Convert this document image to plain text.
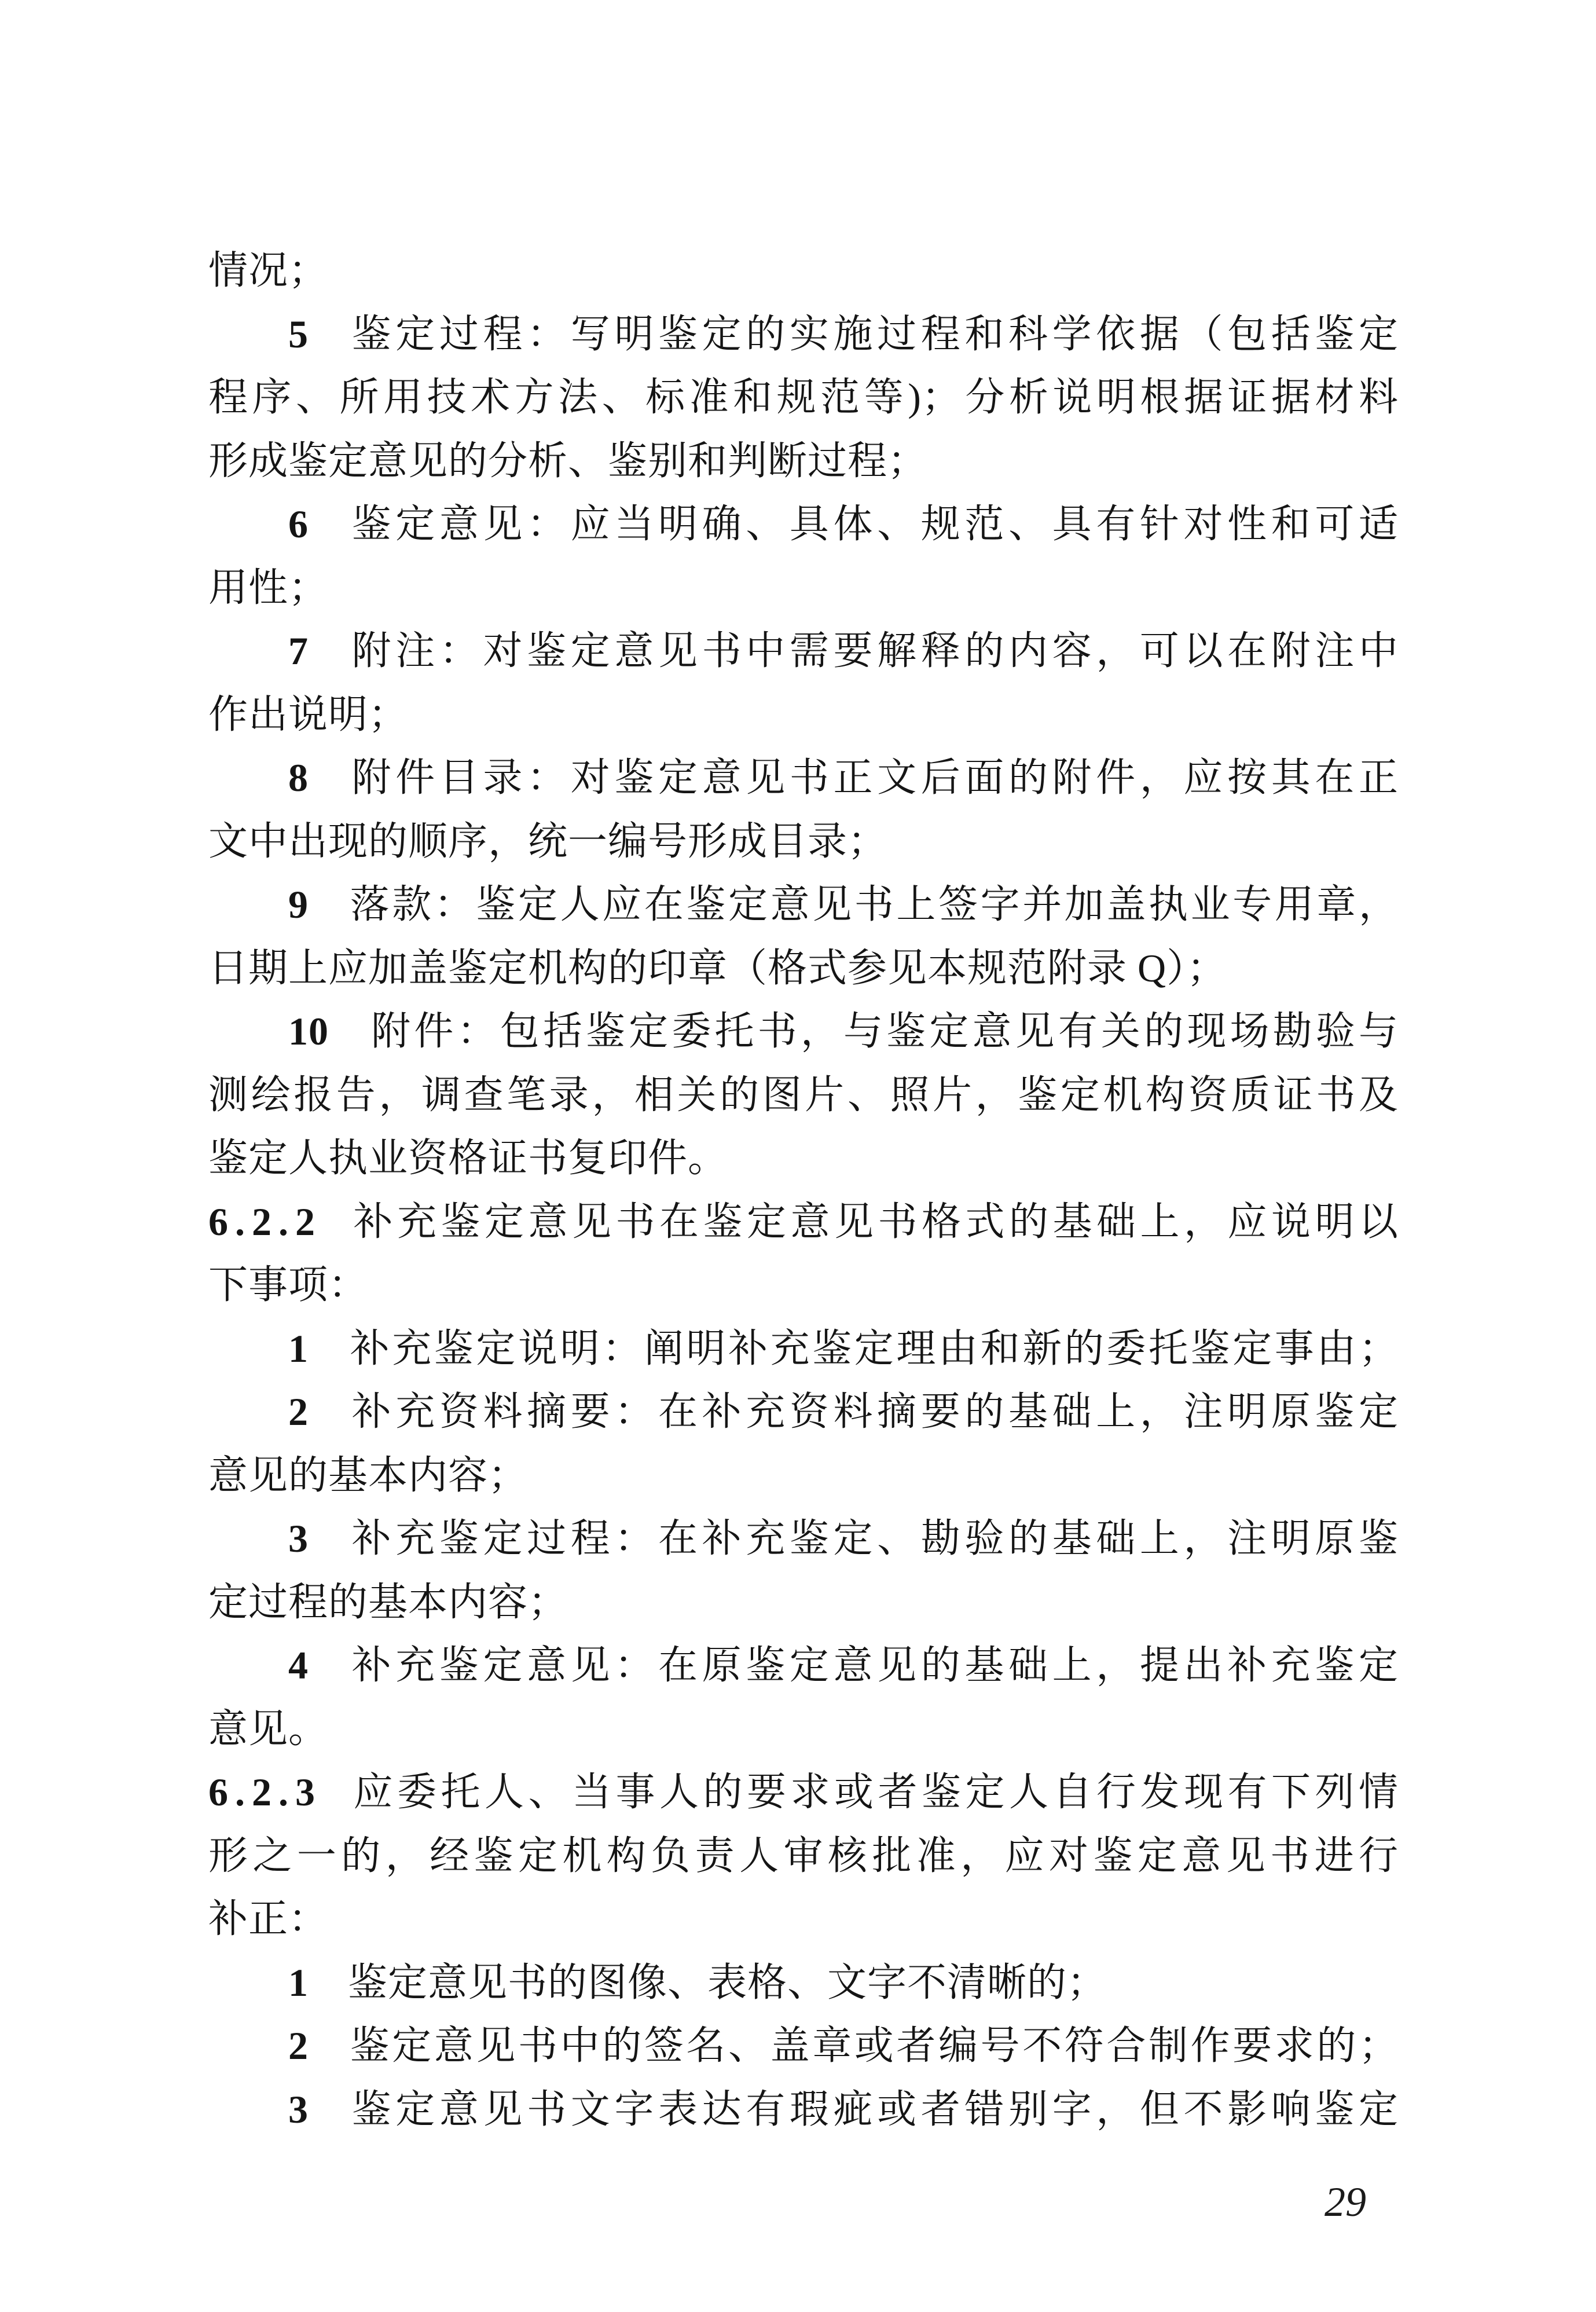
情况；
5 鉴定过程：写明鉴定的实施过程和科学依据（包括鉴定
程序、所用技术方法、标准和规范等)；分析说明根据证据材料
形成鉴定意见的分析、鉴别和判断过程；
6 鉴定意见：应当明确、具体、规范、具有针对性和可适
用性；
7 附注：对鉴定意见书中需要解释的内容，可以在附注中
作出说明；
8 附件目录：对鉴定意见书正文后面的附件，应按其在正
文中出现的顺序，统一编号形成目录；
9 落款：鉴定人应在鉴定意见书上签字并加盖执业专用章，
日期上应加盖鉴定机构的印章（格式参见本规范附录 Q）；
10 附件：包括鉴定委托书，与鉴定意见有关的现场勘验与
测绘报告，调查笔录，相关的图片、照片，鉴定机构资质证书及
鉴定人执业资格证书复印件。
6.2.2 补充鉴定意见书在鉴定意见书格式的基础上，应说明以
下事项：
1 补充鉴定说明：阐明补充鉴定理由和新的委托鉴定事由；
2 补充资料摘要：在补充资料摘要的基础上，注明原鉴定
意见的基本内容；
3 补充鉴定过程：在补充鉴定、勘验的基础上，注明原鉴
定过程的基本内容；
4 补充鉴定意见：在原鉴定意见的基础上，提出补充鉴定
意见。
6.2.3 应委托人、当事人的要求或者鉴定人自行发现有下列情
形之一的，经鉴定机构负责人审核批准，应对鉴定意见书进行
补正：
1 鉴定意见书的图像、表格、文字不清晰的；
2 鉴定意见书中的签名、盖章或者编号不符合制作要求的；
3 鉴定意见书文字表达有瑕疵或者错别字，但不影响鉴定
29
